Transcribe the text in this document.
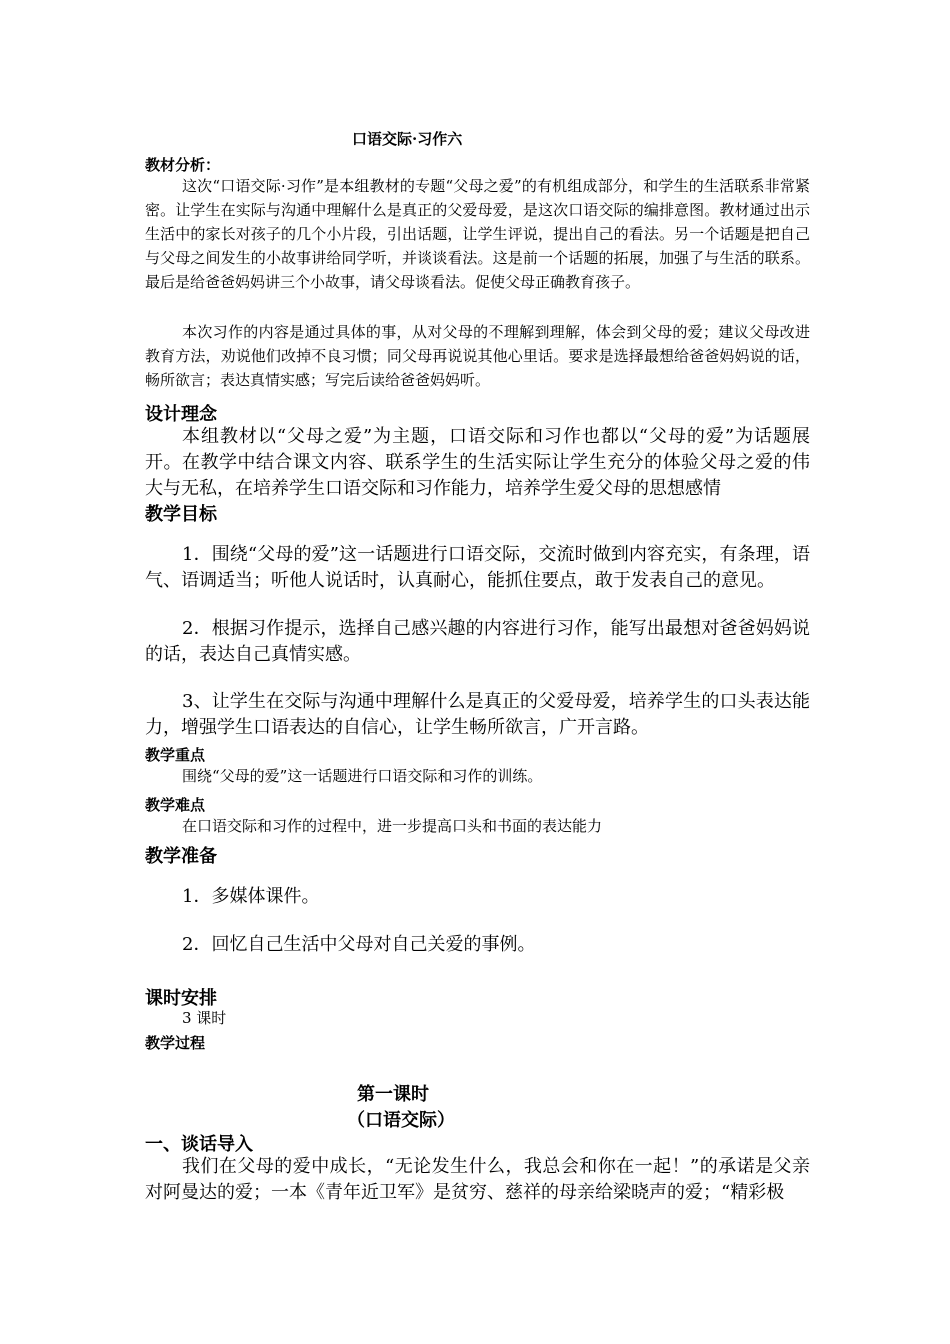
口语交际·习作六
教材分析：
这次“口语交际·习作”是本组教材的专题“父母之爱”的有机组成部分，和学生的生活联系非常紧密。让学生在实际与沟通中理解什么是真正的父爱母爱，是这次口语交际的编排意图。教材通过出示生活中的家长对孩子的几个小片段，引出话题，让学生评说，提出自己的看法。另一个话题是把自己与父母之间发生的小故事讲给同学听，并谈谈看法。这是前一个话题的拓展，加强了与生活的联系。最后是给爸爸妈妈讲三个小故事，请父母谈看法。促使父母正确教育孩子。
本次习作的内容是通过具体的事，从对父母的不理解到理解，体会到父母的爱；建议父母改进教育方法，劝说他们改掉不良习惯；同父母再说说其他心里话。要求是选择最想给爸爸妈妈说的话，畅所欲言；表达真情实感；写完后读给爸爸妈妈听。
设计理念
本组教材以“父母之爱”为主题，口语交际和习作也都以“父母的爱”为话题展开。在教学中结合课文内容、联系学生的生活实际让学生充分的体验父母之爱的伟大与无私，在培养学生口语交际和习作能力，培养学生爱父母的思想感情
教学目标
1．围绕“父母的爱”这一话题进行口语交际，交流时做到内容充实，有条理，语气、语调适当；听他人说话时，认真耐心，能抓住要点，敢于发表自己的意见。
2．根据习作提示，选择自己感兴趣的内容进行习作，能写出最想对爸爸妈妈说的话，表达自己真情实感。
3、让学生在交际与沟通中理解什么是真正的父爱母爱，培养学生的口头表达能力，增强学生口语表达的自信心，让学生畅所欲言，广开言路。
教学重点
围绕“父母的爱”这一话题进行口语交际和习作的训练。
教学难点
在口语交际和习作的过程中，进一步提高口头和书面的表达能力
教学准备
1．多媒体课件。
2．回忆自己生活中父母对自己关爱的事例。
课时安排
3 课时
教学过程
第一课时
（口语交际）
一、谈话导入
我们在父母的爱中成长，“无论发生什么，我总会和你在一起！”的承诺是父亲对阿曼达的爱；一本《青年近卫军》是贫穷、慈祥的母亲给梁晓声的爱；“精彩极
